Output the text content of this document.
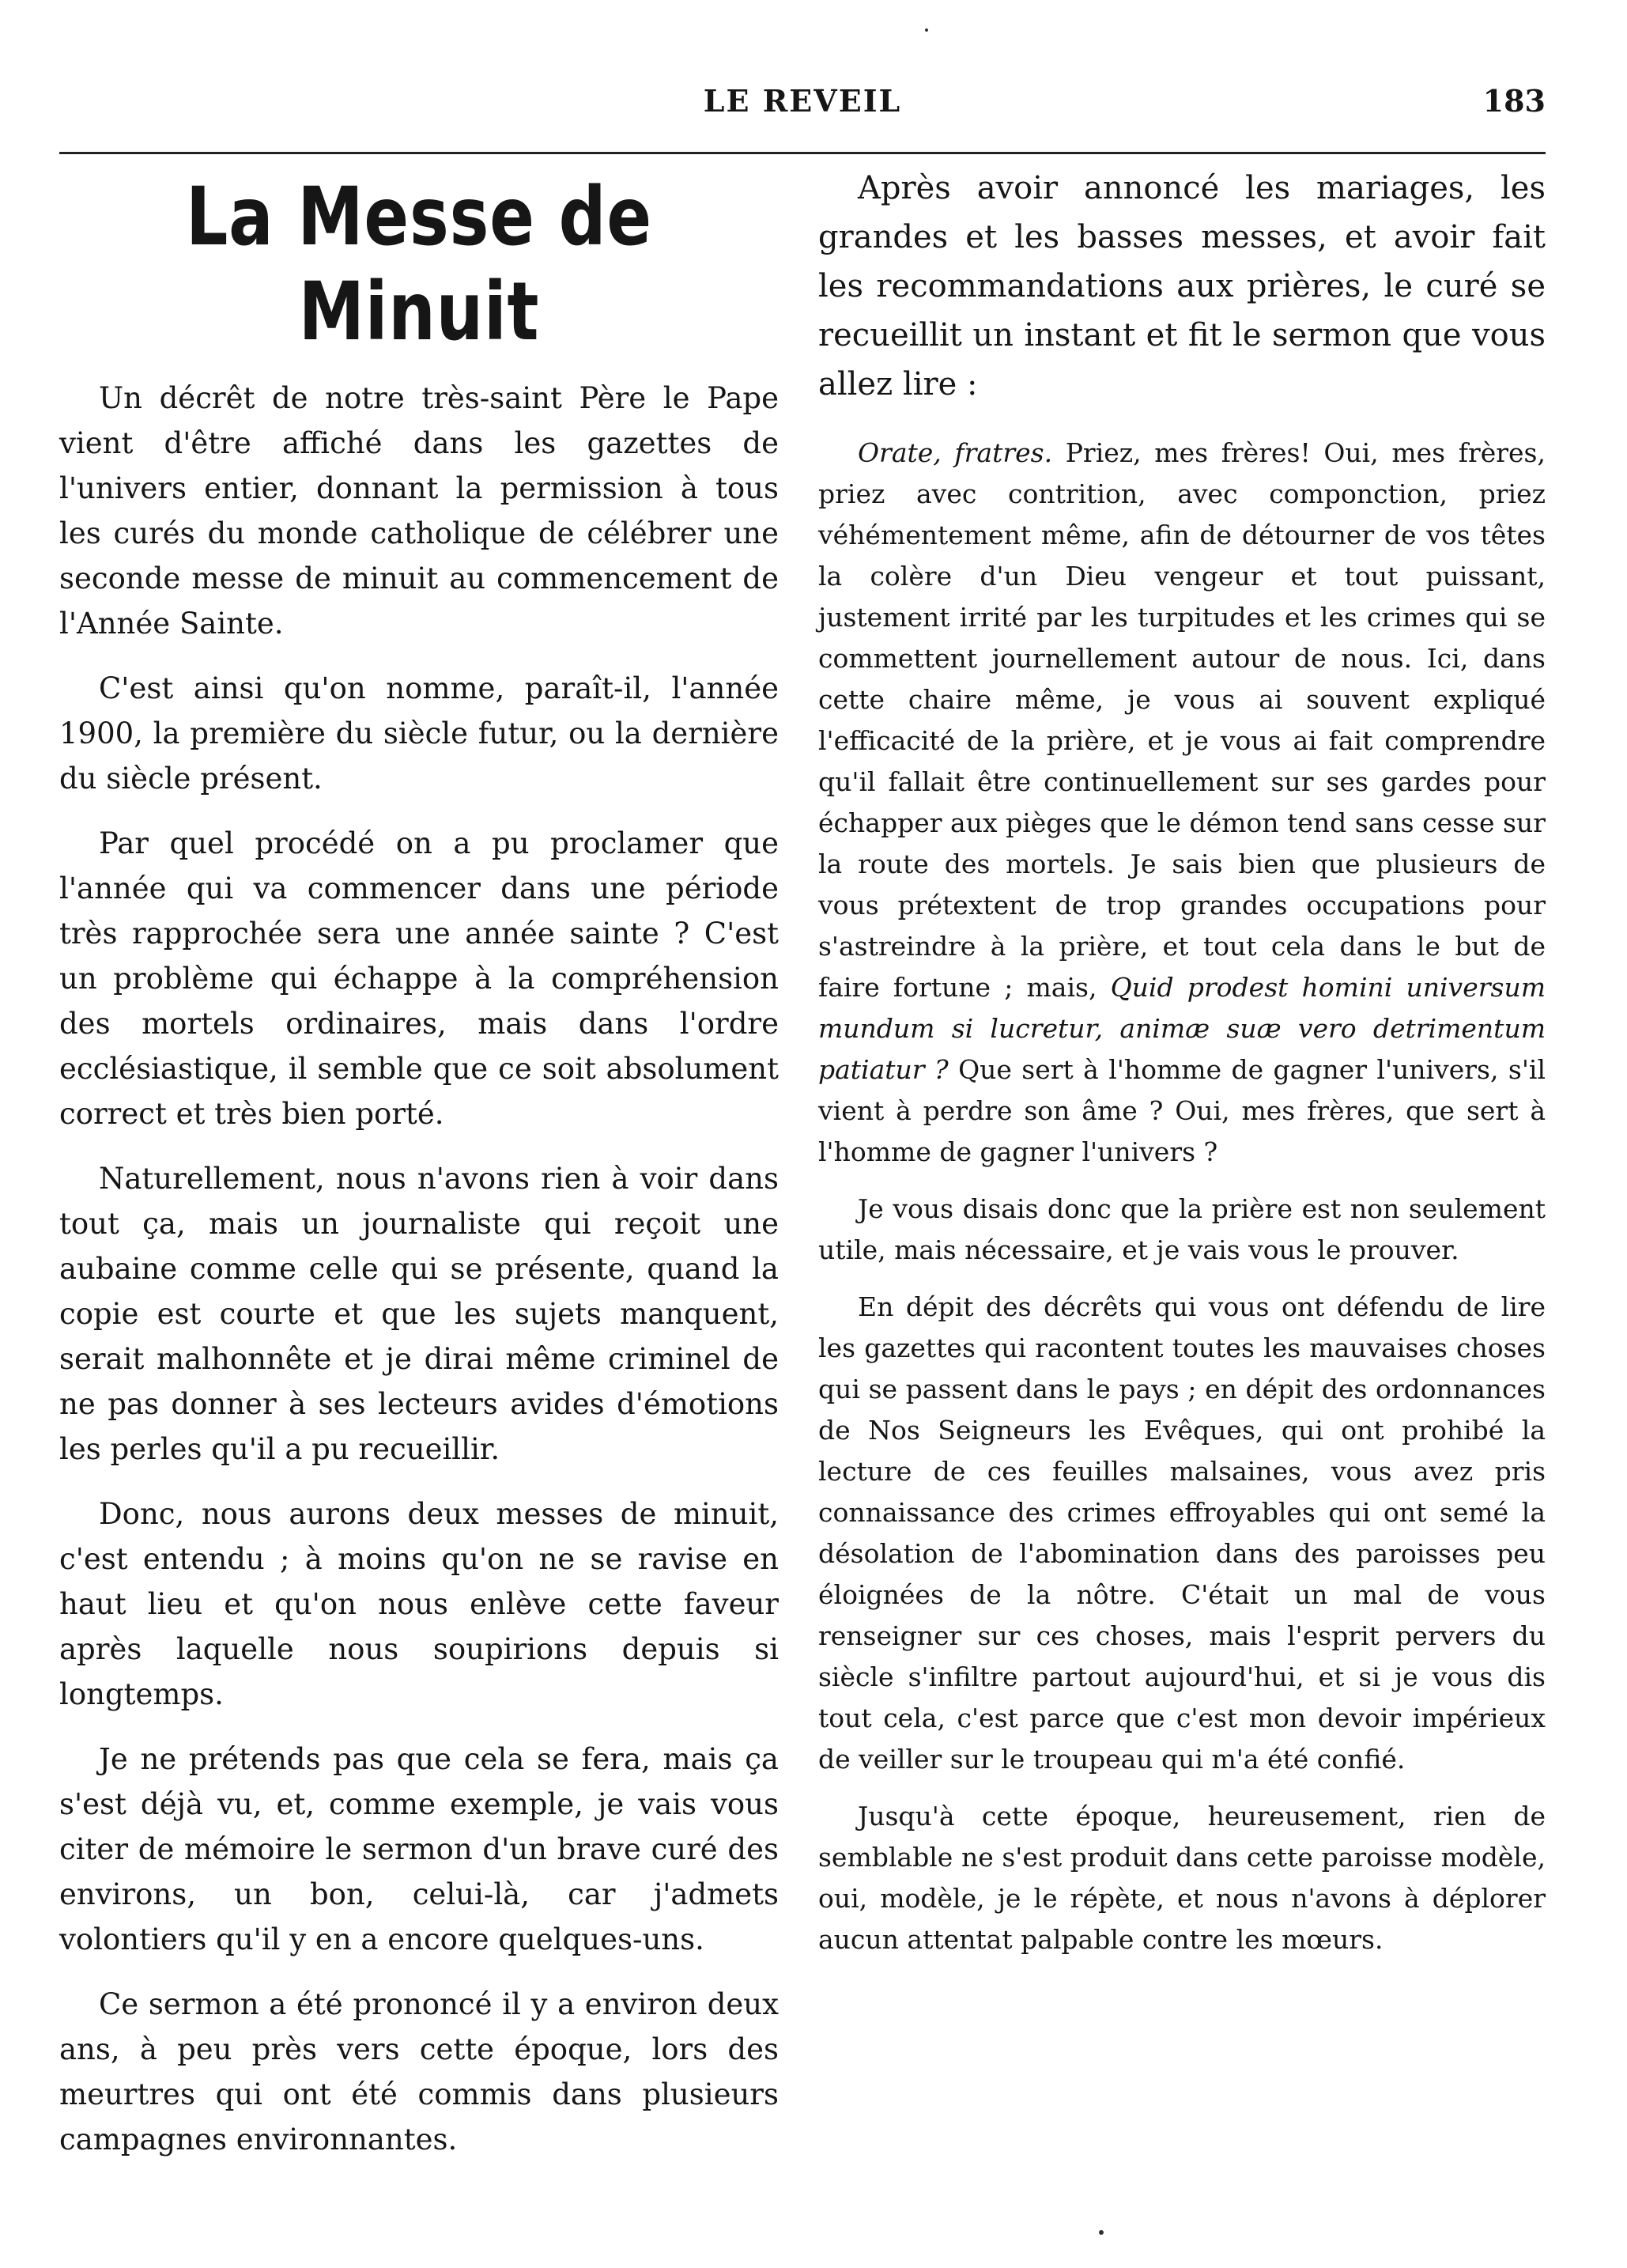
LE REVEIL	183
La Messe de Minuit

Un décrêt de notre très-saint Père le Pape vient d'être affiché dans les gazettes de l'univers entier, donnant la permission à tous les curés du monde catholique de célébrer une seconde messe de minuit au commencement de l'Année Sainte.

C'est ainsi qu'on nomme, paraît-il, l'année 1900, la première du siècle futur, ou la dernière du siècle présent.

Par quel procédé on a pu proclamer que l'année qui va commencer dans une période très rapprochée sera une année sainte ? C'est un problème qui échappe à la compréhension des mortels ordinaires, mais dans l'ordre ecclésiastique, il semble que ce soit absolument correct et très bien porté.

Naturellement, nous n'avons rien à voir dans tout ça, mais un journaliste qui reçoit une aubaine comme celle qui se présente, quand la copie est courte et que les sujets manquent, serait malhonnête et je dirai même criminel de ne pas donner à ses lecteurs avides d'émotions les perles qu'il a pu recueillir.

Donc, nous aurons deux messes de minuit, c'est entendu ; à moins qu'on ne se ravise en haut lieu et qu'on nous enlève cette faveur après laquelle nous soupirions depuis si longtemps.

Je ne prétends pas que cela se fera, mais ça s'est déjà vu, et, comme exemple, je vais vous citer de mémoire le sermon d'un brave curé des environs, un bon, celui-là, car j'admets volontiers qu'il y en a encore quelques-uns.

Ce sermon a été prononcé il y a environ deux ans, à peu près vers cette époque, lors des meurtres qui ont été commis dans plusieurs campagnes environnantes.

Après avoir annoncé les mariages, les grandes et les basses messes, et avoir fait les recommandations aux prières, le curé se recueillit un instant et fit le sermon que vous allez lire :

Orate, fratres. Priez, mes frères! Oui, mes frères, priez avec contrition, avec componction, priez véhémentement même, afin de détourner de vos têtes la colère d'un Dieu vengeur et tout puissant, justement irrité par les turpitudes et les crimes qui se commettent journellement autour de nous. Ici, dans cette chaire même, je vous ai souvent expliqué l'efficacité de la prière, et je vous ai fait comprendre qu'il fallait être continuellement sur ses gardes pour échapper aux pièges que le démon tend sans cesse sur la route des mortels. Je sais bien que plusieurs de vous prétextent de trop grandes occupations pour s'astreindre à la prière, et tout cela dans le but de faire fortune ; mais, Quid prodest homini universum mundum si lucretur, animæ suæ vero detrimentum patiatur ? Que sert à l'homme de gagner l'univers, s'il vient à perdre son âme ? Oui, mes frères, que sert à l'homme de gagner l'univers ?

Je vous disais donc que la prière est non seulement utile, mais nécessaire, et je vais vous le prouver.

En dépit des décrêts qui vous ont défendu de lire les gazettes qui racontent toutes les mauvaises choses qui se passent dans le pays ; en dépit des ordonnances de Nos Seigneurs les Evêques, qui ont prohibé la lecture de ces feuilles malsaines, vous avez pris connaissance des crimes effroyables qui ont semé la désolation de l'abomination dans des paroisses peu éloignées de la nôtre. C'était un mal de vous renseigner sur ces choses, mais l'esprit pervers du siècle s'infiltre partout aujourd'hui, et si je vous dis tout cela, c'est parce que c'est mon devoir impérieux de veiller sur le troupeau qui m'a été confié.

Jusqu'à cette époque, heureusement, rien de semblable ne s'est produit dans cette paroisse modèle, oui, modèle, je le répète, et nous n'avons à déplorer aucun attentat palpable contre les mœurs.
